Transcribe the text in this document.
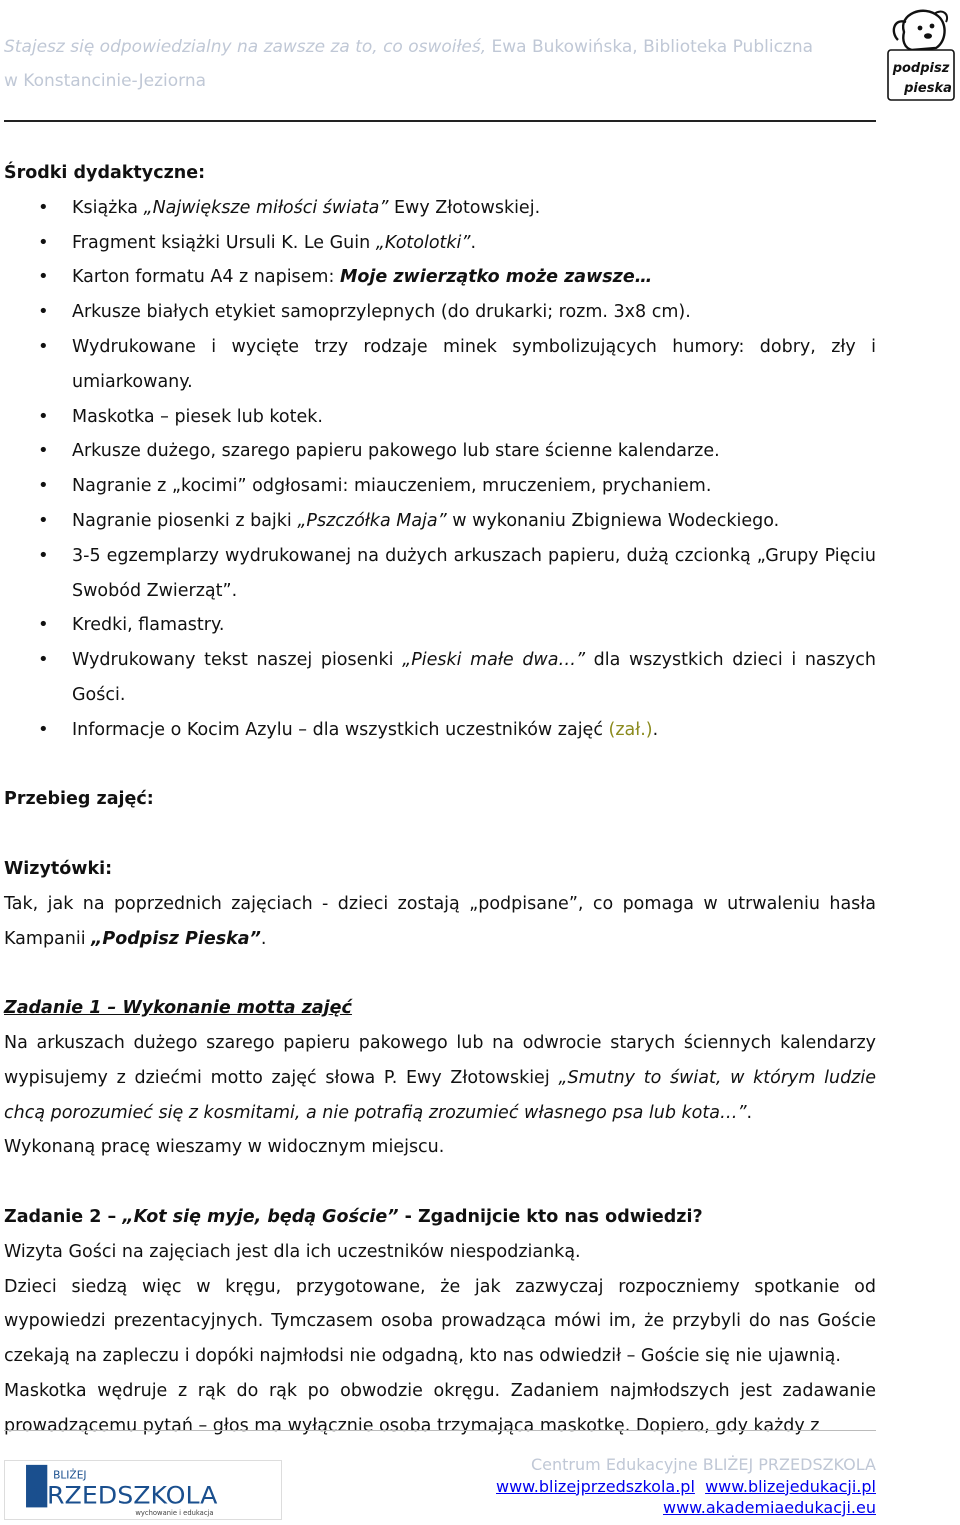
Stajesz się odpowiedzialny na zawsze za to, co oswoiłeś, Ewa Bukowińska, Biblioteka Publiczna
w Konstancinie-Jeziorna
podpisz
pieska
Środki dydaktyczne:
• Książka „Największe miłości świata” Ewy Złotowskiej.
• Fragment książki Ursuli K. Le Guin „Kotolotki”.
• Karton formatu A4 z napisem: Moje zwierzątko może zawsze…
• Arkusze białych etykiet samoprzylepnych (do drukarki; rozm. 3x8 cm).
• Wydrukowane i wycięte trzy rodzaje minek symbolizujących humory: dobry, zły i umiarkowany.
• Maskotka – piesek lub kotek.
• Arkusze dużego, szarego papieru pakowego lub stare ścienne kalendarze.
• Nagranie z „kocimi” odgłosami: miauczeniem, mruczeniem, prychaniem.
• Nagranie piosenki z bajki „Pszczółka Maja” w wykonaniu Zbigniewa Wodeckiego.
• 3-5 egzemplarzy wydrukowanej na dużych arkuszach papieru, dużą czcionką „Grupy Pięciu Swobód Zwierząt”.
• Kredki, flamastry.
• Wydrukowany tekst naszej piosenki „Pieski małe dwa…” dla wszystkich dzieci i naszych Gości.
• Informacje o Kocim Azylu – dla wszystkich uczestników zajęć (zał.).
Przebieg zajęć:
Wizytówki:

Tak, jak na poprzednich zajęciach - dzieci zostają „podpisane”, co pomaga w utrwaleniu hasła Kampanii „Podpisz Pieska”.

Zadanie 1 – Wykonanie motta zajęć

Na arkuszach dużego szarego papieru pakowego lub na odwrocie starych ściennych kalendarzy wypisujemy z dziećmi motto zajęć słowa P. Ewy Złotowskiej „Smutny to świat, w którym ludzie chcą porozumieć się z kosmitami, a nie potrafią zrozumieć własnego psa lub kota…”.

Wykonaną pracę wieszamy w widocznym miejscu.

Zadanie 2 – „Kot się myje, będą Goście” - Zgadnijcie kto nas odwiedzi?

Wizyta Gości na zajęciach jest dla ich uczestników niespodzianką.

Dzieci siedzą więc w kręgu, przygotowane, że jak zazwyczaj rozpoczniemy spotkanie od wypowiedzi prezentacyjnych. Tymczasem osoba prowadząca mówi im, że przybyli do nas Goście czekają na zapleczu i dopóki najmłodsi nie odgadną, kto nas odwiedził – Goście się nie ujawnią.

Maskotka wędruje z rąk do rąk po obwodzie okręgu. Zadaniem najmłodszych jest zadawanie prowadzącemu pytań – głos ma wyłącznie osoba trzymająca maskotkę. Dopiero, gdy każdy z

BLIŻEJ
PRZEDSZKOLA
wychowanie i edukacja
Centrum Edukacyjne BLIŻEJ PRZEDSZKOLA
www.blizejprzedszkola.pl www.blizejedukacji.pl
www.akademiaedukacji.eu
